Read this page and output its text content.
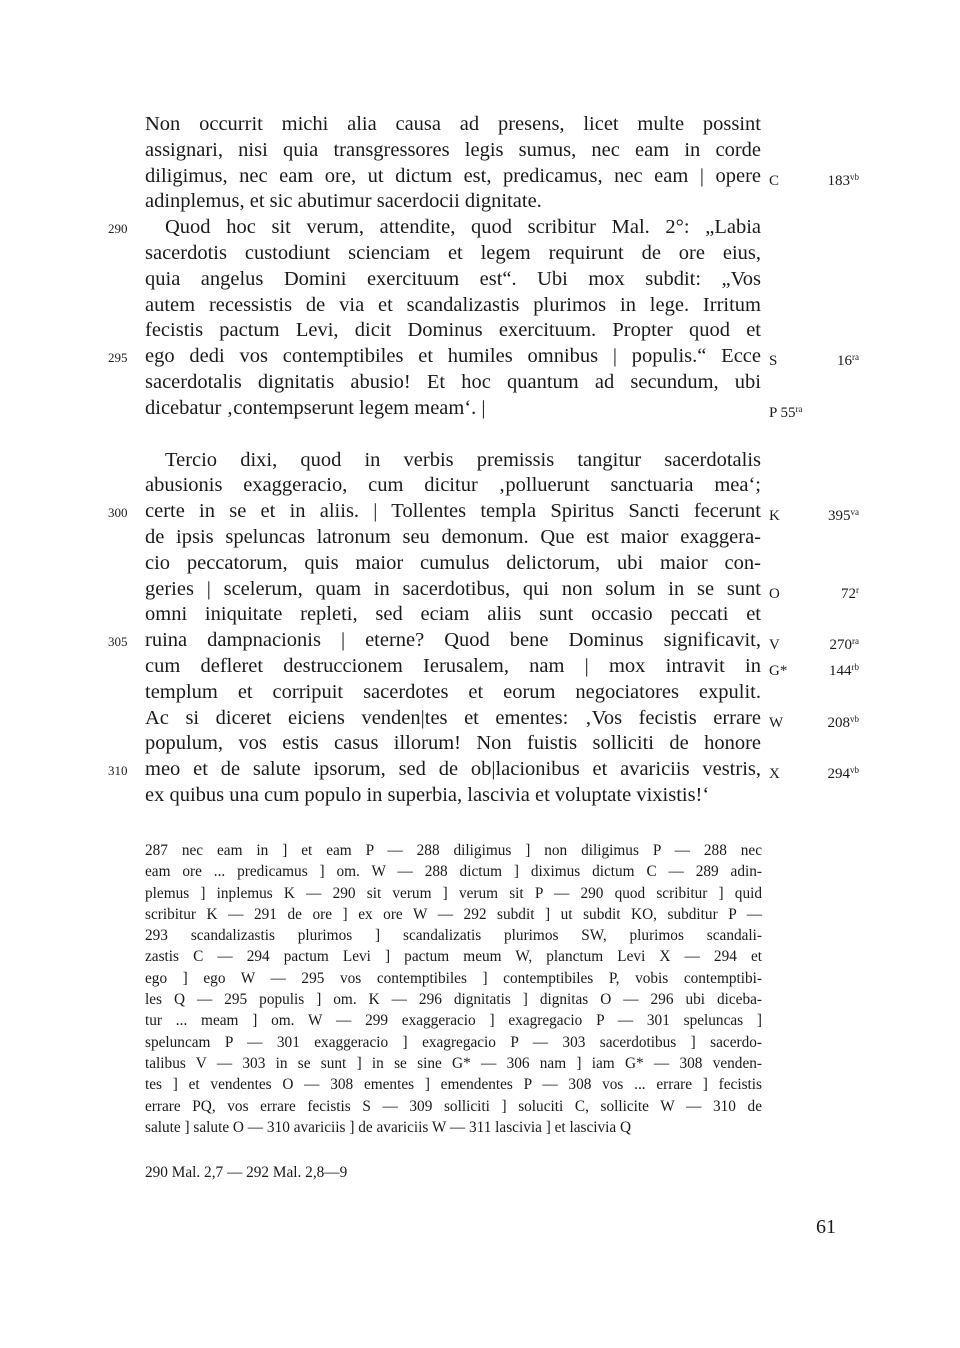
Non occurrit michi alia causa ad presens, licet multe possint
assignari, nisi quia transgressores legis sumus, nec eam in corde
diligimus, nec eam ore, ut dictum est, predicamus, nec eam | opere C $183^{vb}$
adinplemus, et sic abutimur sacerdocii dignitate.
Quod hoc sit verum, attendite, quod scribitur Mal. 2°: „Labia
290
sacerdotis custodiunt scienciam et legem requirunt de ore eius,
quia angelus Domini exercituum est“. Ubi mox subdit: „Vos
autem recessistis de via et scandalizastis plurimos in lege. Irritum
fecistis pactum Levi, dicit Dominus exercituum. Propter quod et
ego dedi vos contemptibiles et humiles omnibus | populis.“ Ecce
295	S $16^{ra}$
sacerdotalis dignitatis abusio! Et hoc quantum ad secundum, ubi
dicebatur ‚contempserunt legem meam‘. |	P $55^{ra}$
Tercio dixi, quod in verbis premissis tangitur sacerdotalis
abusionis exaggeracio, cum dicitur ‚polluerunt sanctuaria mea‘;
certe in se et in aliis. | Tollentes templa Spiritus Sancti fecerunt
300	K $395^{va}$
de ipsis speluncas latronum seu demonum. Que est maior exaggera-
cio peccatorum, quis maior cumulus delictorum, ubi maior con-
geries | scelerum, quam in sacerdotibus, qui non solum in se sunt O 72$^r$
omni iniquitate repleti, sed eciam aliis sunt occasio peccati et
ruina dampnacionis | eterne? Quod bene Dominus significavit,
305	V $270^{ra}$
cum defleret destruccionem Ierusalem, nam | mox intravit in G* $144^{rb}$
templum et corripuit sacerdotes et eorum negociatores expulit.
Ac si diceret eiciens venden|tes et ementes: ‚Vos fecistis errare W $208^{vb}$
populum, vos estis casus illorum! Non fuistis solliciti de honore
meo et de salute ipsorum, sed de ob|lacionibus et avariciis vestris,
310	X $294^{vb}$
ex quibus una cum populo in superbia, lascivia et voluptate vixistis!‘
287 nec eam in ] et eam P — 288 diligimus ] non diligimus P — 288 nec
eam ore ... predicamus ] om. W — 288 dictum ] diximus dictum C — 289 adin-
plemus ] inplemus K — 290 sit verum ] verum sit P — 290 quod scribitur ] quid
scribitur K — 291 de ore ] ex ore W — 292 subdit ] ut subdit KO, subditur P —
293 scandalizastis plurimos ] scandalizatis plurimos SW, plurimos scandali-
zastis C — 294 pactum Levi ] pactum meum W, planctum Levi X — 294 et
ego ] ego W — 295 vos contemptibiles ] contemptibiles P, vobis contemptibi-
les Q — 295 populis ] om. K — 296 dignitatis ] dignitas O — 296 ubi diceba-
tur ... meam ] om. W — 299 exaggeracio ] exagregacio P — 301 speluncas ]
speluncam P — 301 exaggeracio ] exagregacio P — 303 sacerdotibus ] sacerdo-
talibus V — 303 in se sunt ] in se sine G* — 306 nam ] iam G* — 308 venden-
tes ] et vendentes O — 308 ementes ] emendentes P — 308 vos ... errare ] fecistis
errare PQ, vos errare fecistis S — 309 solliciti ] soluciti C, sollicite W — 310 de
salute ] salute O — 310 avariciis ] de avariciis W — 311 lascivia ] et lascivia Q
290 Mal. 2,7 — 292 Mal. 2,8—9
61
